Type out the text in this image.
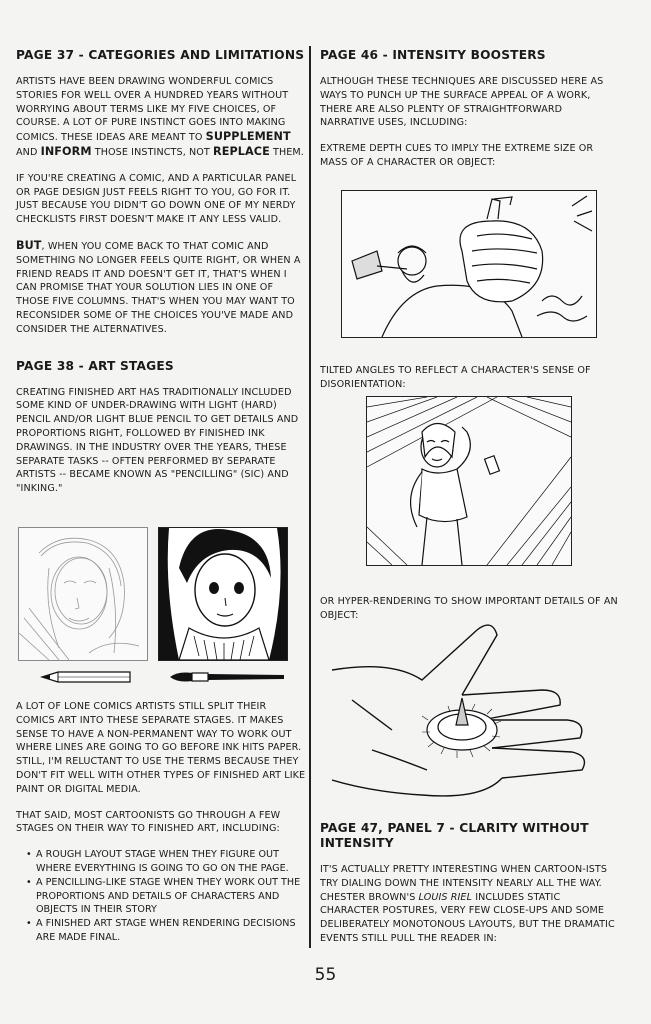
PAGE 37 - CATEGORIES AND LIMITATIONS

ARTISTS HAVE BEEN DRAWING WONDERFUL COMICS STORIES FOR WELL OVER A HUNDRED YEARS WITHOUT WORRYING ABOUT TERMS LIKE MY FIVE CHOICES, OF COURSE. A LOT OF PURE INSTINCT GOES INTO MAKING COMICS. THESE IDEAS ARE MEANT TO SUPPLEMENT AND INFORM THOSE INSTINCTS, NOT REPLACE THEM.

IF YOU'RE CREATING A COMIC, AND A PARTICULAR PANEL OR PAGE DESIGN JUST FEELS RIGHT TO YOU, GO FOR IT. JUST BECAUSE YOU DIDN'T GO DOWN ONE OF MY NERDY CHECKLISTS FIRST DOESN'T MAKE IT ANY LESS VALID.

BUT, WHEN YOU COME BACK TO THAT COMIC AND SOMETHING NO LONGER FEELS QUITE RIGHT, OR WHEN A FRIEND READS IT AND DOESN'T GET IT, THAT'S WHEN I CAN PROMISE THAT YOUR SOLUTION LIES IN ONE OF THOSE FIVE COLUMNS. THAT'S WHEN YOU MAY WANT TO RECONSIDER SOME OF THE CHOICES YOU'VE MADE AND CONSIDER THE ALTERNATIVES.

PAGE 38 - ART STAGES

CREATING FINISHED ART HAS TRADITIONALLY INCLUDED SOME KIND OF UNDER-DRAWING WITH LIGHT (HARD) PENCIL AND/OR LIGHT BLUE PENCIL TO GET DETAILS AND PROPORTIONS RIGHT, FOLLOWED BY FINISHED INK DRAWINGS. IN THE INDUSTRY OVER THE YEARS, THESE SEPARATE TASKS -- OFTEN PERFORMED BY SEPARATE ARTISTS -- BECAME KNOWN AS "PENCILLING" (SIC) AND "INKING."

A LOT OF LONE COMICS ARTISTS STILL SPLIT THEIR COMICS ART INTO THESE SEPARATE STAGES. IT MAKES SENSE TO HAVE A NON-PERMANENT WAY TO WORK OUT WHERE LINES ARE GOING TO GO BEFORE INK HITS PAPER. STILL, I'M RELUCTANT TO USE THE TERMS BECAUSE THEY DON'T FIT WELL WITH OTHER TYPES OF FINISHED ART LIKE PAINT OR DIGITAL MEDIA.

THAT SAID, MOST CARTOONISTS GO THROUGH A FEW STAGES ON THEIR WAY TO FINISHED ART, INCLUDING:

• A ROUGH LAYOUT STAGE WHEN THEY FIGURE OUT WHERE EVERYTHING IS GOING TO GO ON THE PAGE.
• A PENCILLING-LIKE STAGE WHEN THEY WORK OUT THE PROPORTIONS AND DETAILS OF CHARACTERS AND OBJECTS IN THEIR STORY
• A FINISHED ART STAGE WHEN RENDERING DECISIONS ARE MADE FINAL.
PAGE 46 - INTENSITY BOOSTERS

ALTHOUGH THESE TECHNIQUES ARE DISCUSSED HERE AS WAYS TO PUNCH UP THE SURFACE APPEAL OF A WORK, THERE ARE ALSO PLENTY OF STRAIGHTFORWARD NARRATIVE USES, INCLUDING:

EXTREME DEPTH CUES TO IMPLY THE EXTREME SIZE OR MASS OF A CHARACTER OR OBJECT:

TILTED ANGLES TO REFLECT A CHARACTER'S SENSE OF DISORIENTATION:

OR HYPER-RENDERING TO SHOW IMPORTANT DETAILS OF AN OBJECT:

PAGE 47, PANEL 7 - CLARITY WITHOUT INTENSITY

IT'S ACTUALLY PRETTY INTERESTING WHEN CARTOON-ISTS TRY DIALING DOWN THE INTENSITY NEARLY ALL THE WAY. CHESTER BROWN'S LOUIS RIEL INCLUDES STATIC CHARACTER POSTURES, VERY FEW CLOSE-UPS AND SOME DELIBERATELY MONOTONOUS LAYOUTS, BUT THE DRAMATIC EVENTS STILL PULL THE READER IN:

55
